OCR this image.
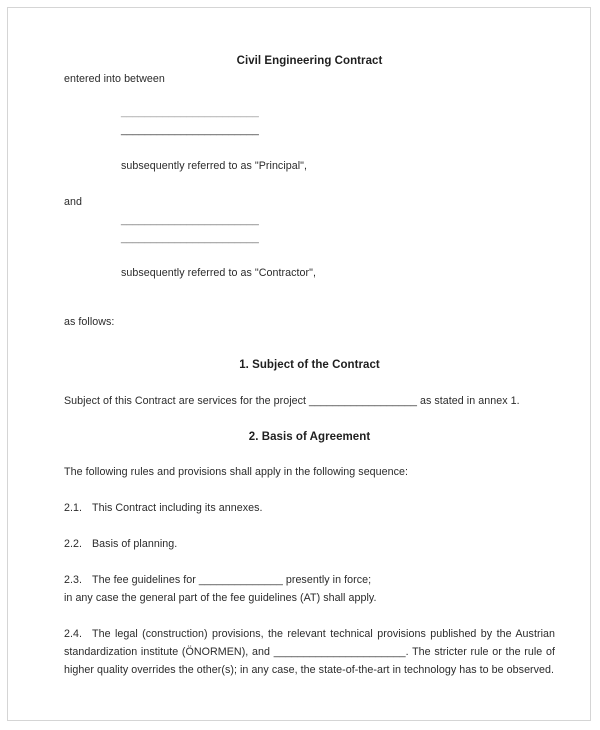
Civil Engineering Contract

entered into between

_______________________

_______________________

subsequently referred to as "Principal",

and

_______________________

_______________________

subsequently referred to as "Contractor",

as follows:

1. Subject of the Contract

Subject of this Contract are services for the project __________________ as stated in annex 1.

2. Basis of Agreement

The following rules and provisions shall apply in the following sequence:

2.1. This Contract including its annexes.

2.2. Basis of planning.

2.3. The fee guidelines for ______________ presently in force;

in any case the general part of the fee guidelines (AT) shall apply.

2.4. The legal (construction) provisions, the relevant technical provisions published by the Austrian

standardization institute (ÖNORMEN), and ______________________. The stricter rule or the rule of

higher quality overrides the other(s); in any case, the state-of-the-art in technology has to be observed.
